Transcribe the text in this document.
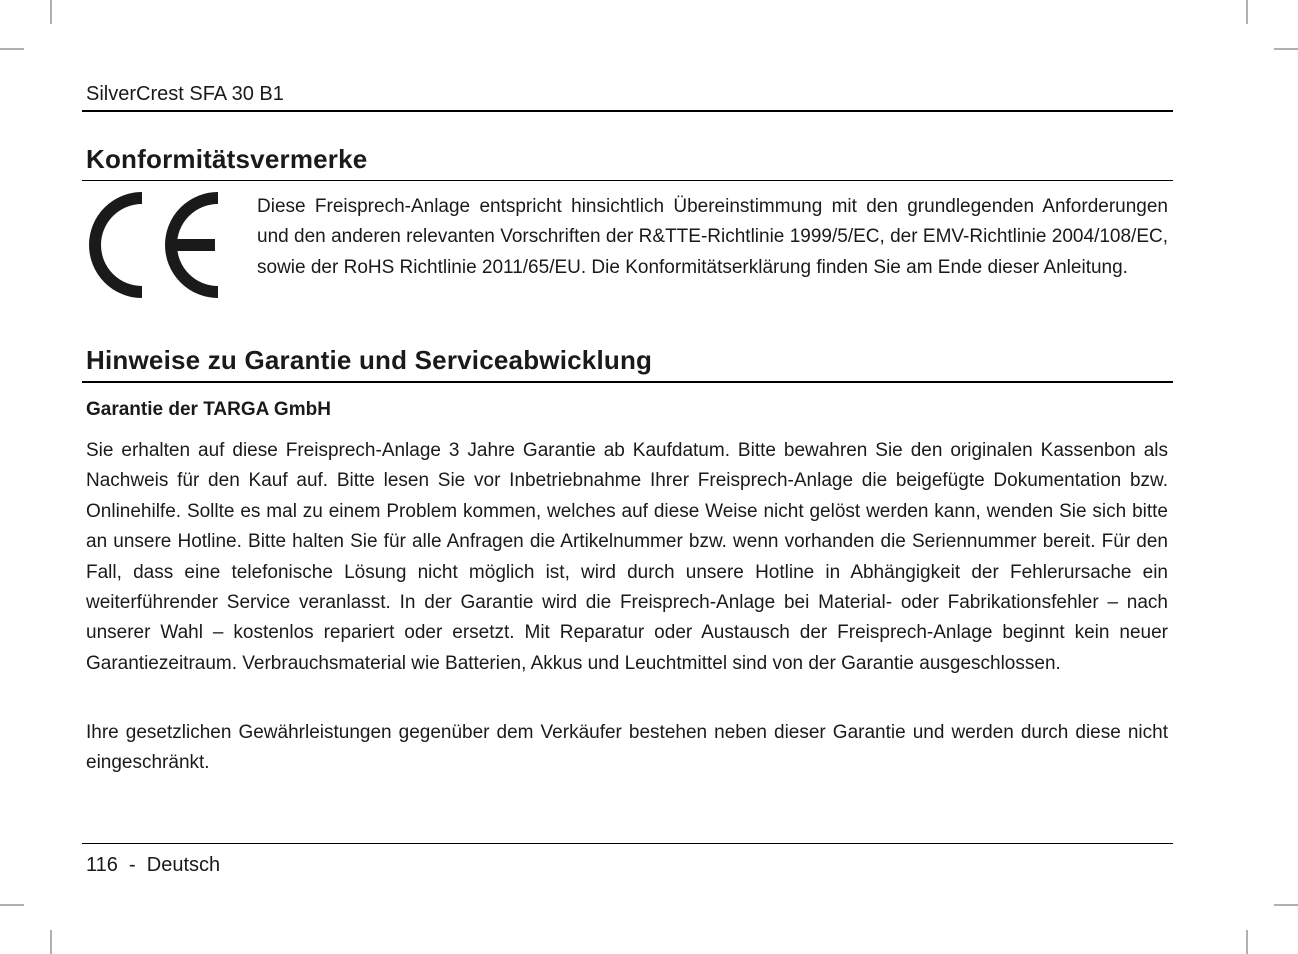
SilverCrest SFA 30 B1
Konformitätsvermerke

Diese Freisprech-Anlage entspricht hinsichtlich Übereinstimmung mit den grundlegenden Anforderungen und den anderen relevanten Vorschriften der R&TTE-Richtlinie 1999/5/EC, der EMV-Richtlinie 2004/108/EC, sowie der RoHS Richtlinie 2011/65/EU. Die Konformitätserklärung finden Sie am Ende dieser Anleitung.

Hinweise zu Garantie und Serviceabwicklung
Garantie der TARGA GmbH

Sie erhalten auf diese Freisprech-Anlage 3 Jahre Garantie ab Kaufdatum. Bitte bewahren Sie den originalen Kassenbon als Nachweis für den Kauf auf. Bitte lesen Sie vor Inbetriebnahme Ihrer Freisprech-Anlage die beigefügte Dokumentation bzw. Onlinehilfe. Sollte es mal zu einem Problem kommen, welches auf diese Weise nicht gelöst werden kann, wenden Sie sich bitte an unsere Hotline. Bitte halten Sie für alle Anfragen die Artikelnummer bzw. wenn vorhanden die Seriennummer bereit. Für den Fall, dass eine telefonische Lösung nicht möglich ist, wird durch unsere Hotline in Abhängigkeit der Fehlerursache ein weiterführender Service veranlasst. In der Garantie wird die Freisprech-Anlage bei Material- oder Fabrikationsfehler – nach unserer Wahl – kostenlos repariert oder ersetzt. Mit Reparatur oder Austausch der Freisprech-Anlage beginnt kein neuer Garantiezeitraum. Verbrauchsmaterial wie Batterien, Akkus und Leuchtmittel sind von der Garantie ausgeschlossen.

Ihre gesetzlichen Gewährleistungen gegenüber dem Verkäufer bestehen neben dieser Garantie und werden durch diese nicht eingeschränkt.

116  -  Deutsch
